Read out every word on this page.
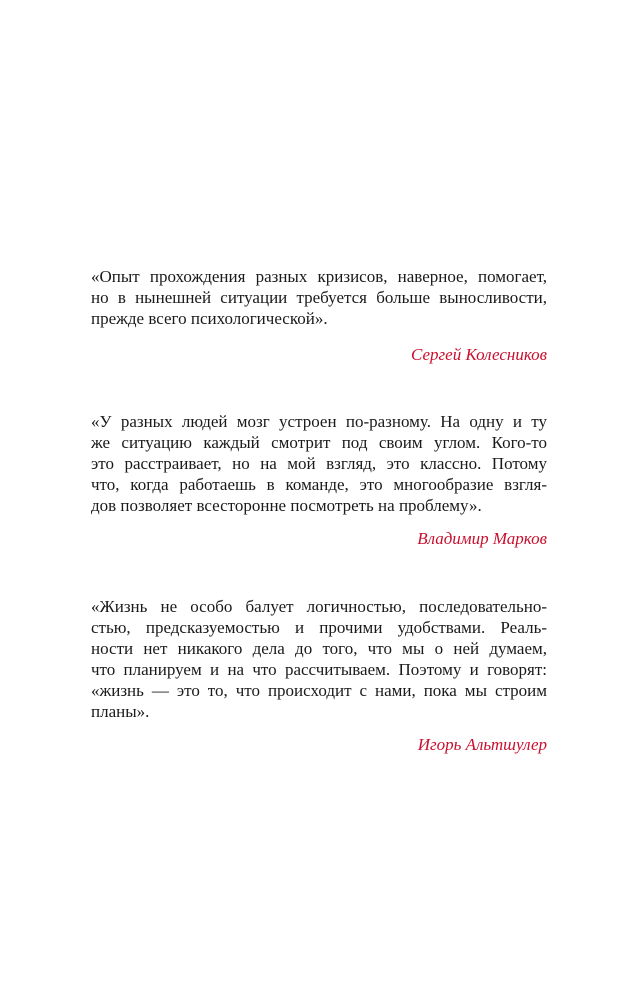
«Опыт прохождения разных кризисов, наверное, помогает,
но в нынешней ситуации требуется больше выносливости,
прежде всего психологической».
Сергей Колесников
«У разных людей мозг устроен по-разному. На одну и ту
же ситуацию каждый смотрит под своим углом. Кого-то
это расстраивает, но на мой взгляд, это классно. Потому
что, когда работаешь в команде, это многообразие взгля-
дов позволяет всесторонне посмотреть на проблему».
Владимир Марков
«Жизнь не особо балует логичностью, последовательно-
стью, предсказуемостью и прочими удобствами. Реаль-
ности нет никакого дела до того, что мы о ней думаем,
что планируем и на что рассчитываем. Поэтому и говорят:
«жизнь — это то, что происходит с нами, пока мы строим
планы».
Игорь Альтшулер
